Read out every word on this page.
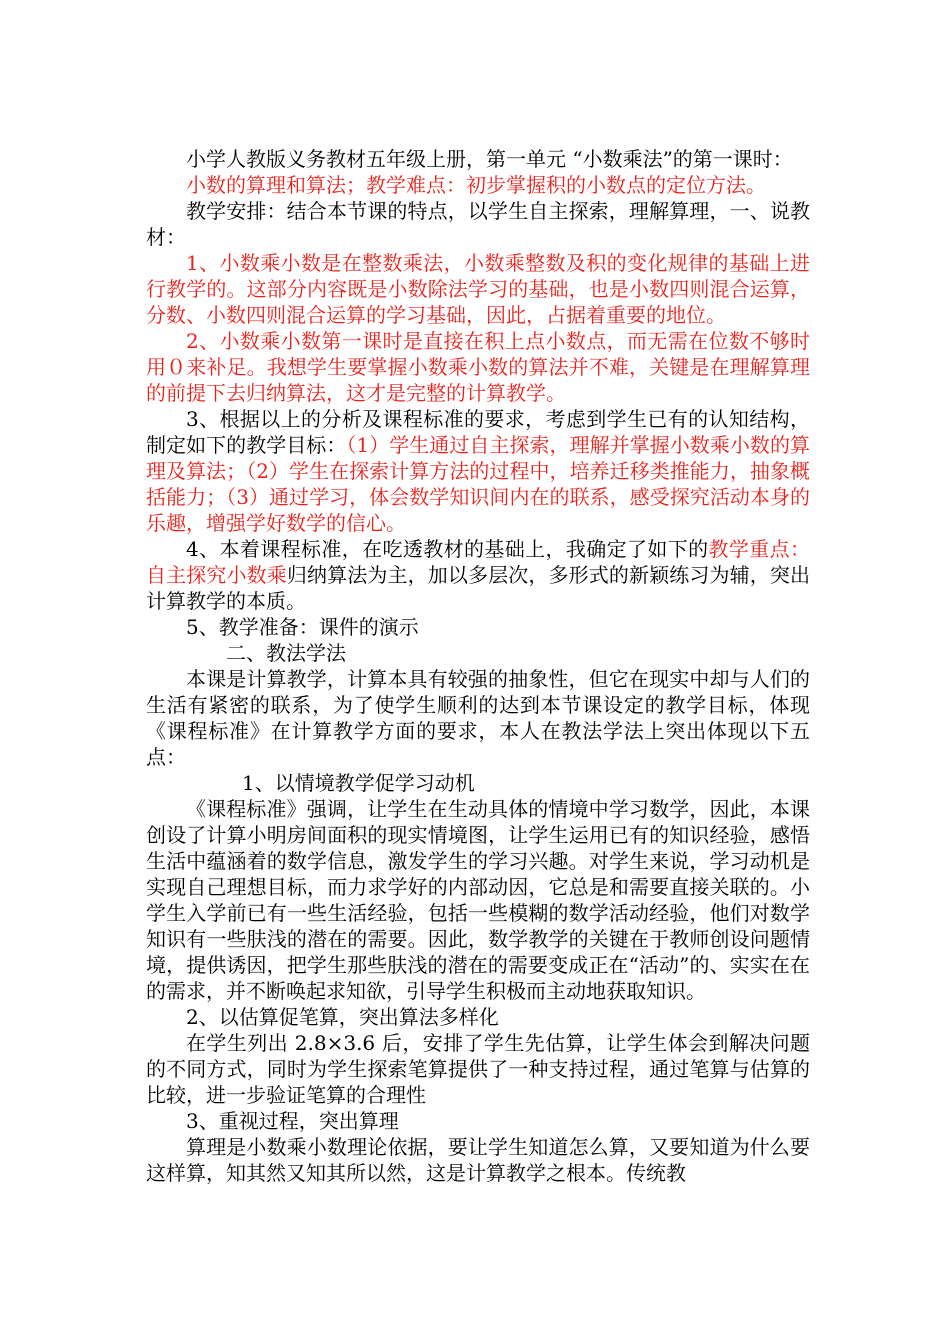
小学人教版义务教材五年级上册，第一单元 “小数乘法”的第一课时：

小数的算理和算法；教学难点：初步掌握积的小数点的定位方法。

教学安排：结合本节课的特点，以学生自主探索，理解算理，一、说教材：

1、小数乘小数是在整数乘法，小数乘整数及积的变化规律的基础上进行教学的。这部分内容既是小数除法学习的基础，也是小数四则混合运算，分数、小数四则混合运算的学习基础，因此，占据着重要的地位。

2、小数乘小数第一课时是直接在积上点小数点，而无需在位数不够时用０来补足。我想学生要掌握小数乘小数的算法并不难，关键是在理解算理的前提下去归纳算法，这才是完整的计算教学。

3、根据以上的分析及课程标准的要求，考虑到学生已有的认知结构，制定如下的教学目标：（1）学生通过自主探索，理解并掌握小数乘小数的算理及算法；（2）学生在探索计算方法的过程中，培养迁移类推能力，抽象概括能力；（3）通过学习，体会数学知识间内在的联系，感受探究活动本身的乐趣，增强学好数学的信心。

4、本着课程标准，在吃透教材的基础上，我确定了如下的教学重点：自主探究小数乘归纳算法为主，加以多层次，多形式的新颖练习为辅，突出计算教学的本质。

5、教学准备：课件的演示

二、教法学法

本课是计算教学，计算本具有较强的抽象性，但它在现实中却与人们的生活有紧密的联系，为了使学生顺利的达到本节课设定的教学目标，体现《课程标准》在计算教学方面的要求，本人在教法学法上突出体现以下五点：

1、以情境教学促学习动机

《课程标准》强调，让学生在生动具体的情境中学习数学，因此，本课创设了计算小明房间面积的现实情境图，让学生运用已有的知识经验，感悟生活中蕴涵着的数学信息，激发学生的学习兴趣。对学生来说，学习动机是实现自己理想目标，而力求学好的内部动因，它总是和需要直接关联的。小学生入学前已有一些生活经验，包括一些模糊的数学活动经验，他们对数学知识有一些肤浅的潜在的需要。因此，数学教学的关键在于教师创设问题情境，提供诱因，把学生那些肤浅的潜在的需要变成正在“活动”的、实实在在的需求，并不断唤起求知欲，引导学生积极而主动地获取知识。

2、以估算促笔算，突出算法多样化

在学生列出 2.8×3.6 后，安排了学生先估算，让学生体会到解决问题的不同方式，同时为学生探索笔算提供了一种支持过程，通过笔算与估算的比较，进一步验证笔算的合理性

3、重视过程，突出算理

算理是小数乘小数理论依据，要让学生知道怎么算，又要知道为什么要这样算，知其然又知其所以然，这是计算教学之根本。传统教
